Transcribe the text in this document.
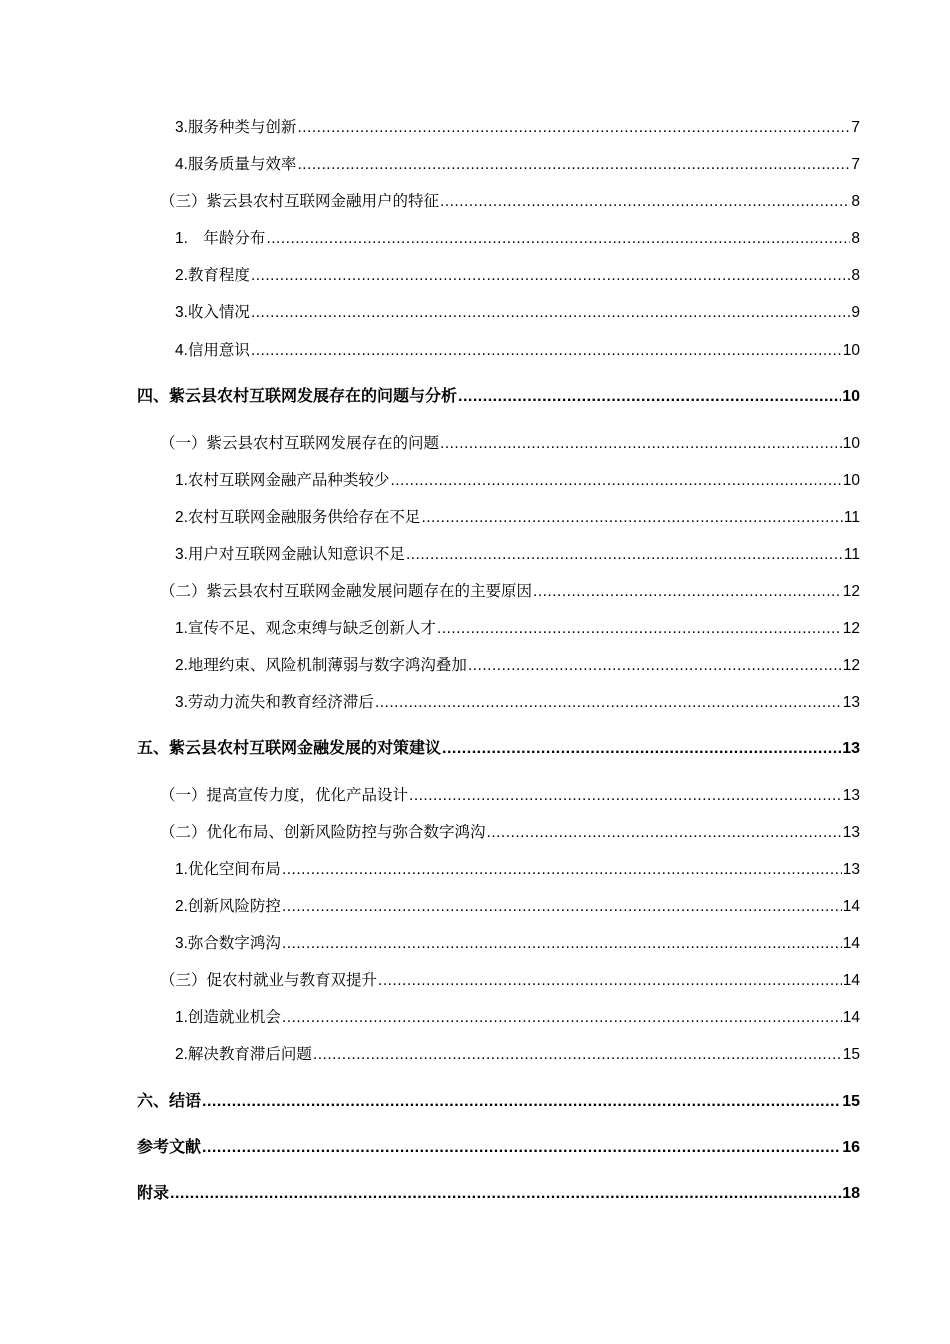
3.服务种类与创新 .....	7
4.服务质量与效率 .....	7
（三）紫云县农村互联网金融用户的特征 .....	8
1.　年龄分布 .....	8
2.教育程度 .....	8
3.收入情况 .....	9
4.信用意识 .....	10
四、紫云县农村互联网发展存在的问题与分析 .....	10
（一）紫云县农村互联网发展存在的问题 .....	10
1.农村互联网金融产品种类较少 .....	10
2.农村互联网金融服务供给存在不足 .....	11
3.用户对互联网金融认知意识不足 .....	11
（二）紫云县农村互联网金融发展问题存在的主要原因 .....	12
1.宣传不足、观念束缚与缺乏创新人才 .....	12
2.地理约束、风险机制薄弱与数字鸿沟叠加 .....	12
3.劳动力流失和教育经济滞后 .....	13
五、紫云县农村互联网金融发展的对策建议 .....	13
（一）提高宣传力度，优化产品设计 .....	13
（二）优化布局、创新风险防控与弥合数字鸿沟 .....	13
1.优化空间布局 .....	13
2.创新风险防控 .....	14
3.弥合数字鸿沟 .....	14
（三）促农村就业与教育双提升 .....	14
1.创造就业机会 .....	14
2.解决教育滞后问题 .....	15
六、结语 .....	15
参考文献 .....	16
附录 .....	18
